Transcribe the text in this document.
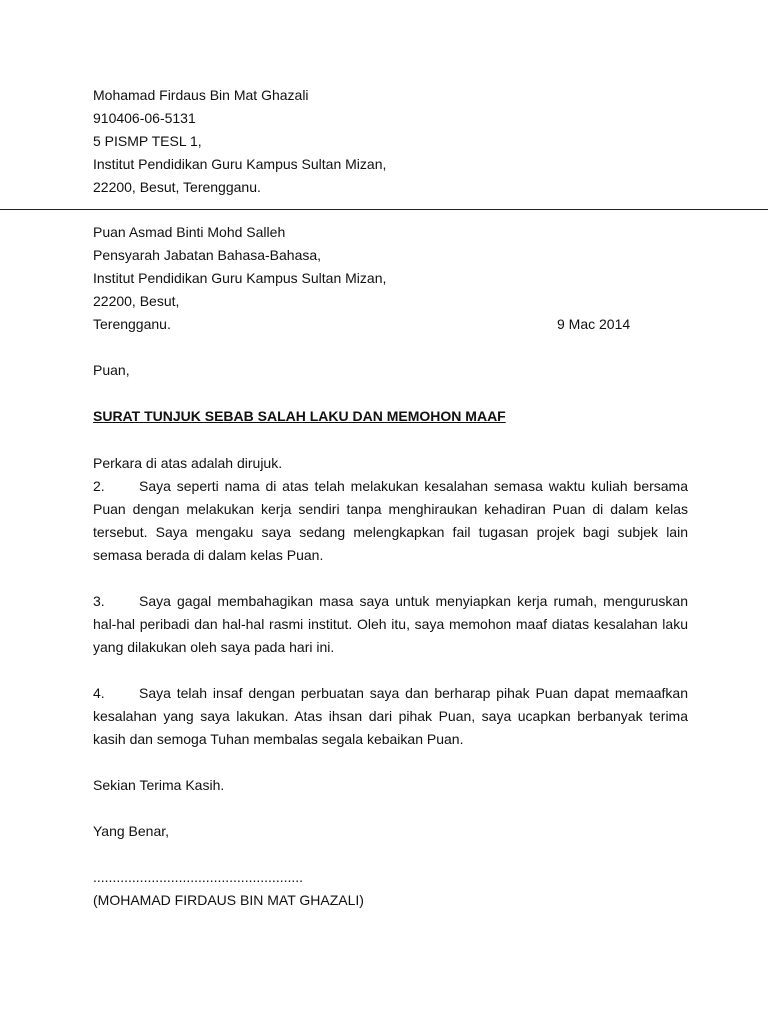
Mohamad Firdaus Bin Mat Ghazali
910406-06-5131
5 PISMP TESL 1,
Institut Pendidikan Guru Kampus Sultan Mizan,
22200, Besut, Terengganu.
Puan Asmad Binti Mohd Salleh
Pensyarah Jabatan Bahasa-Bahasa,
Institut Pendidikan Guru Kampus Sultan Mizan,
22200, Besut,
Terengganu.	9 Mac 2014
Puan,
SURAT TUNJUK SEBAB SALAH LAKU DAN MEMOHON MAAF
Perkara di atas adalah dirujuk.
2. Saya seperti nama di atas telah melakukan kesalahan semasa waktu kuliah bersama Puan dengan melakukan kerja sendiri tanpa menghiraukan kehadiran Puan di dalam kelas tersebut. Saya mengaku saya sedang melengkapkan fail tugasan projek bagi subjek lain semasa berada di dalam kelas Puan.
3. Saya gagal membahagikan masa saya untuk menyiapkan kerja rumah, menguruskan hal-hal peribadi dan hal-hal rasmi institut. Oleh itu, saya memohon maaf diatas kesalahan laku yang dilakukan oleh saya pada hari ini.
4. Saya telah insaf dengan perbuatan saya dan berharap pihak Puan dapat memaafkan kesalahan yang saya lakukan. Atas ihsan dari pihak Puan, saya ucapkan berbanyak terima kasih dan semoga Tuhan membalas segala kebaikan Puan.
Sekian Terima Kasih.
Yang Benar,
......................................................
(MOHAMAD FIRDAUS BIN MAT GHAZALI)
